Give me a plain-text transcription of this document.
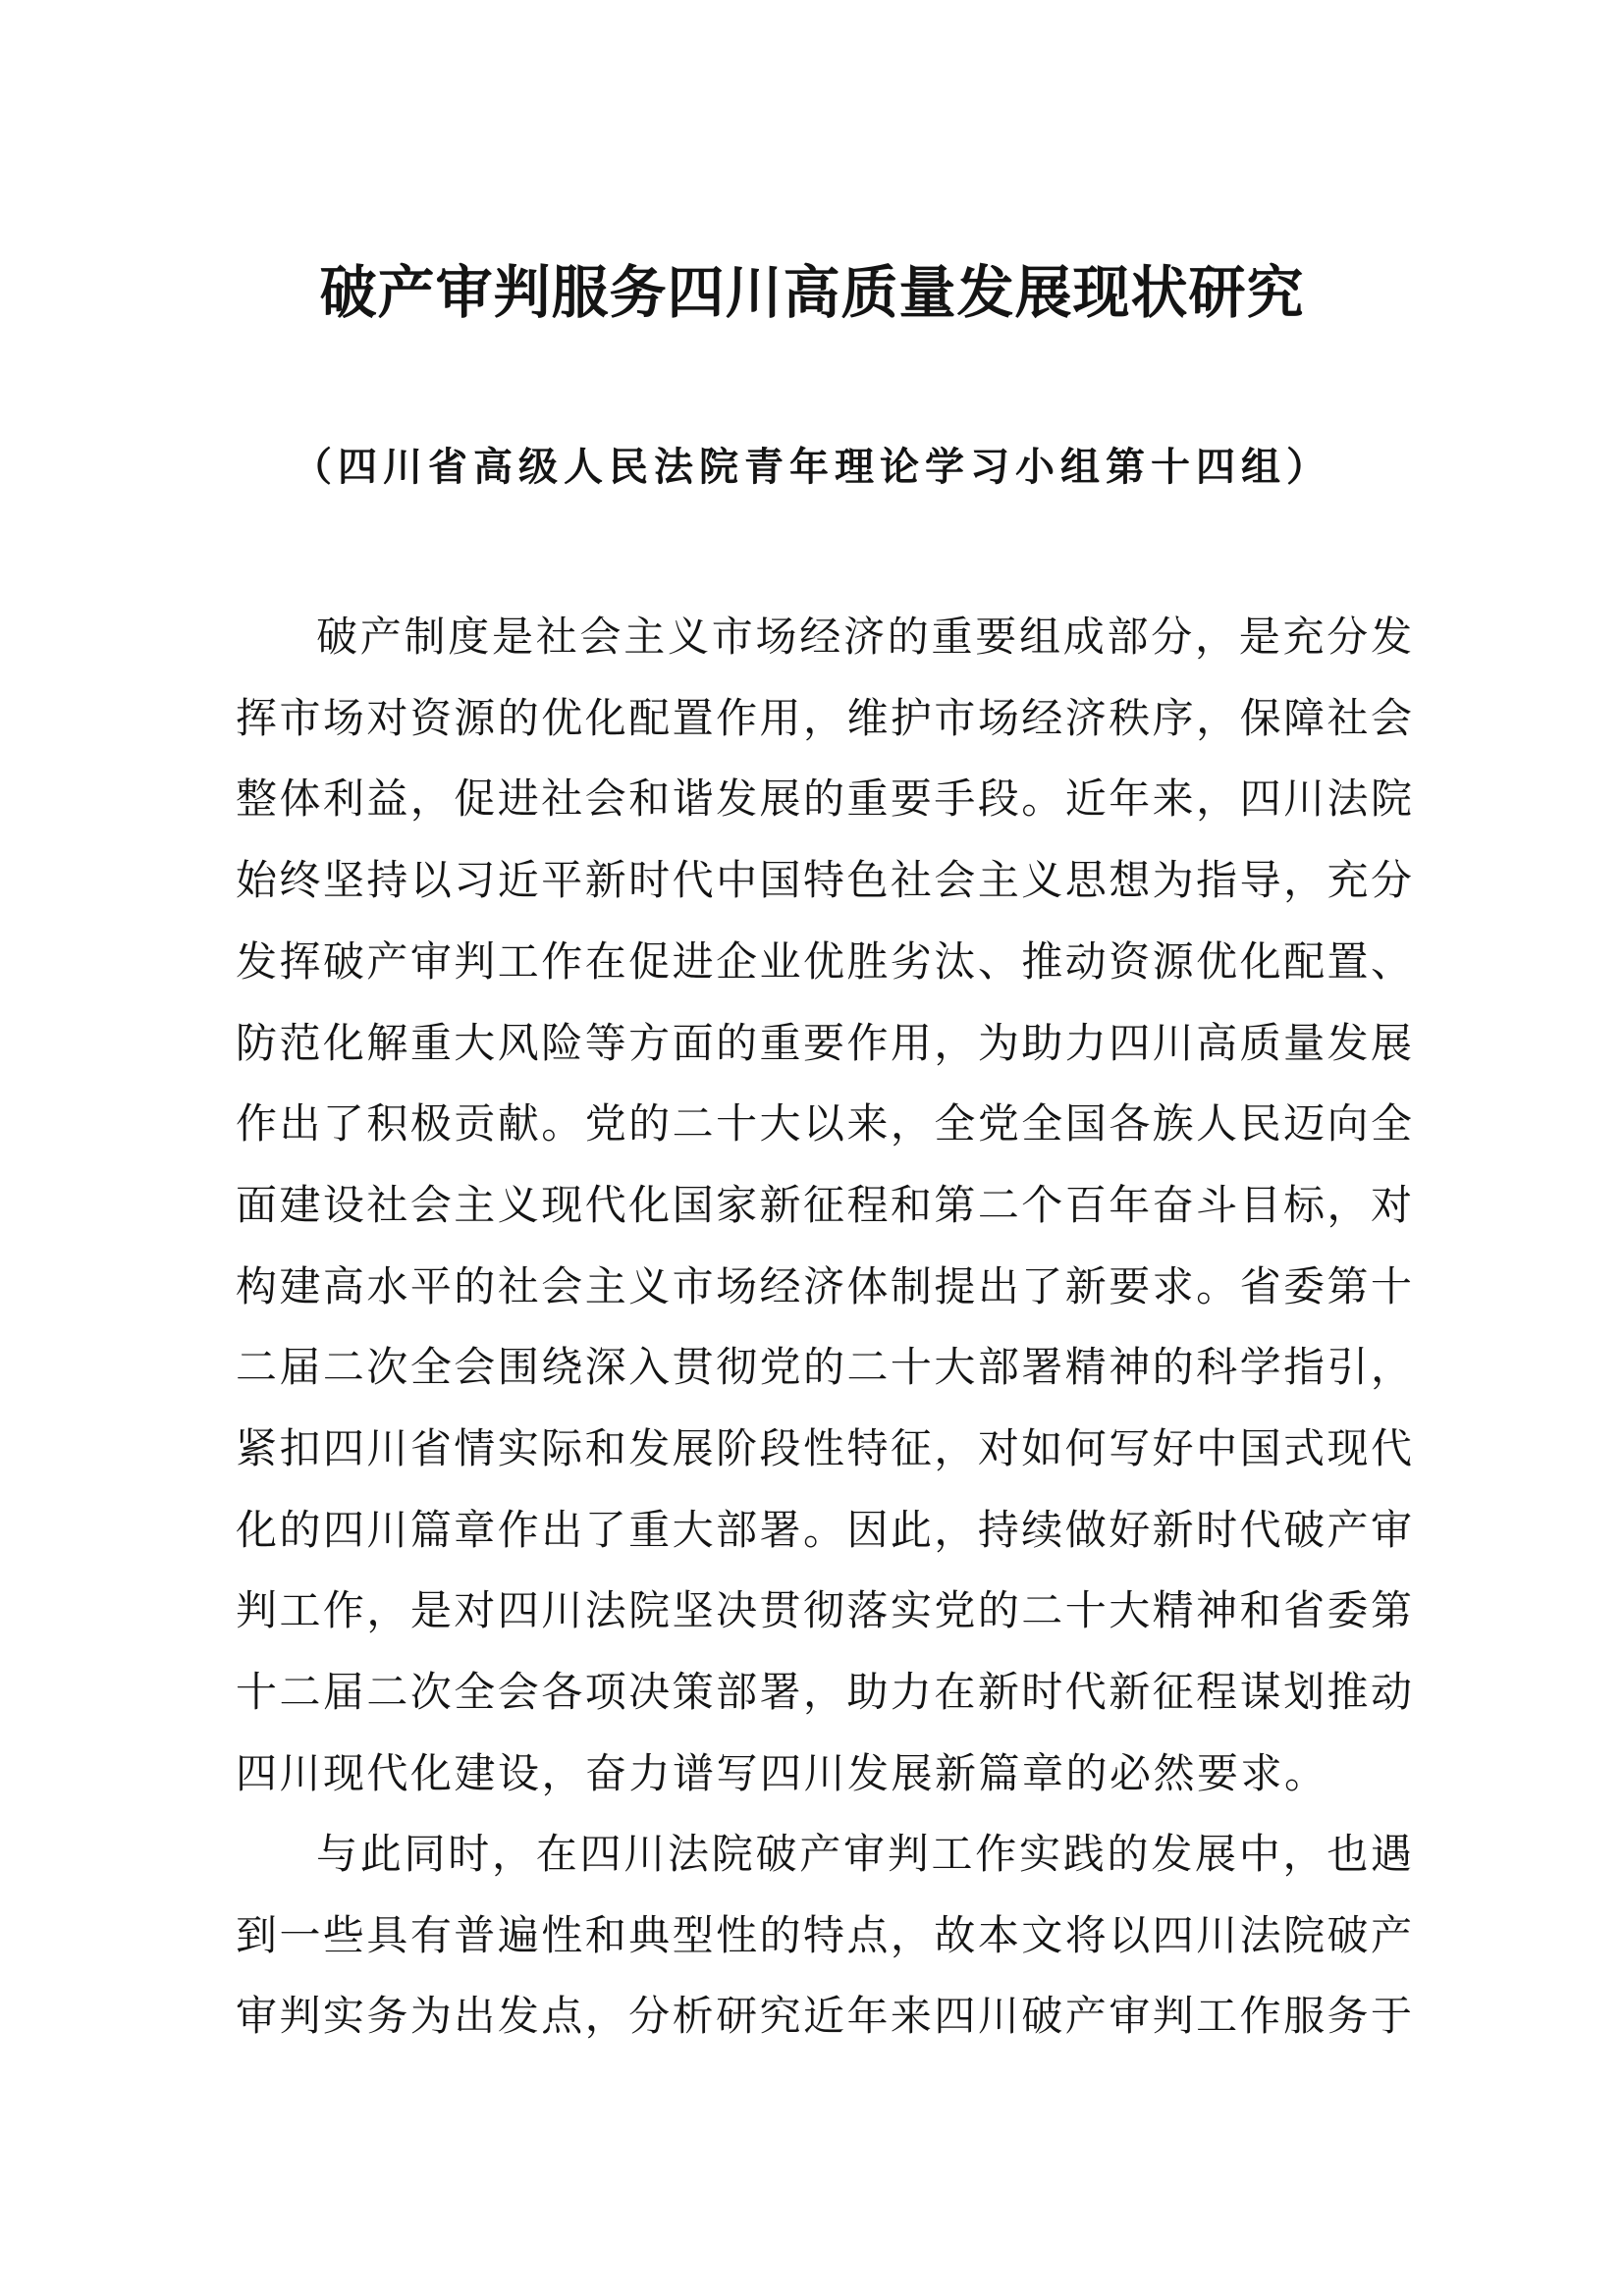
破产审判服务四川高质量发展现状研究
（四川省高级人民法院青年理论学习小组第十四组）
破产制度是社会主义市场经济的重要组成部分，是充分发
挥市场对资源的优化配置作用，维护市场经济秩序，保障社会
整体利益，促进社会和谐发展的重要手段。近年来，四川法院
始终坚持以习近平新时代中国特色社会主义思想为指导，充分
发挥破产审判工作在促进企业优胜劣汰、推动资源优化配置、
防范化解重大风险等方面的重要作用，为助力四川高质量发展
作出了积极贡献。党的二十大以来，全党全国各族人民迈向全
面建设社会主义现代化国家新征程和第二个百年奋斗目标，对
构建高水平的社会主义市场经济体制提出了新要求。省委第十
二届二次全会围绕深入贯彻党的二十大部署精神的科学指引，
紧扣四川省情实际和发展阶段性特征，对如何写好中国式现代
化的四川篇章作出了重大部署。因此，持续做好新时代破产审
判工作，是对四川法院坚决贯彻落实党的二十大精神和省委第
十二届二次全会各项决策部署，助力在新时代新征程谋划推动
四川现代化建设，奋力谱写四川发展新篇章的必然要求。
与此同时，在四川法院破产审判工作实践的发展中，也遇
到一些具有普遍性和典型性的特点，故本文将以四川法院破产
审判实务为出发点，分析研究近年来四川破产审判工作服务于
